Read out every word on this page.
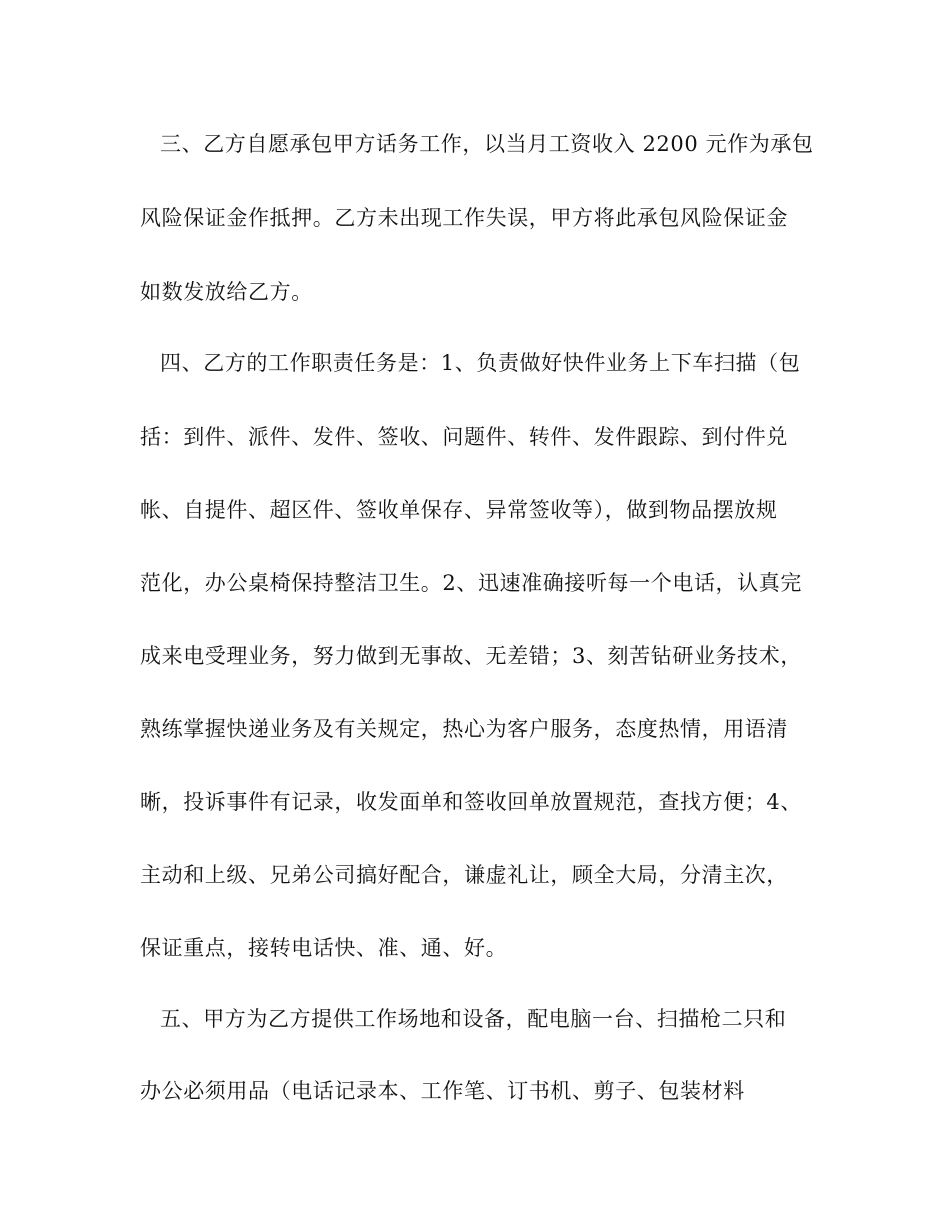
三、乙方自愿承包甲方话务工作，以当月工资收入 2200 元作为承包
风险保证金作抵押。乙方未出现工作失误，甲方将此承包风险保证金
如数发放给乙方。
四、乙方的工作职责任务是：1、负责做好快件业务上下车扫描（包
括：到件、派件、发件、签收、问题件、转件、发件跟踪、到付件兑
帐、自提件、超区件、签收单保存、异常签收等），做到物品摆放规
范化，办公桌椅保持整洁卫生。2、迅速准确接听每一个电话，认真完
成来电受理业务，努力做到无事故、无差错；3、刻苦钻研业务技术，
熟练掌握快递业务及有关规定，热心为客户服务，态度热情，用语清
晰，投诉事件有记录，收发面单和签收回单放置规范，查找方便；4、
主动和上级、兄弟公司搞好配合，谦虚礼让，顾全大局，分清主次，
保证重点，接转电话快、准、通、好。
五、甲方为乙方提供工作场地和设备，配电脑一台、扫描枪二只和
办公必须用品（电话记录本、工作笔、订书机、剪子、包装材料
